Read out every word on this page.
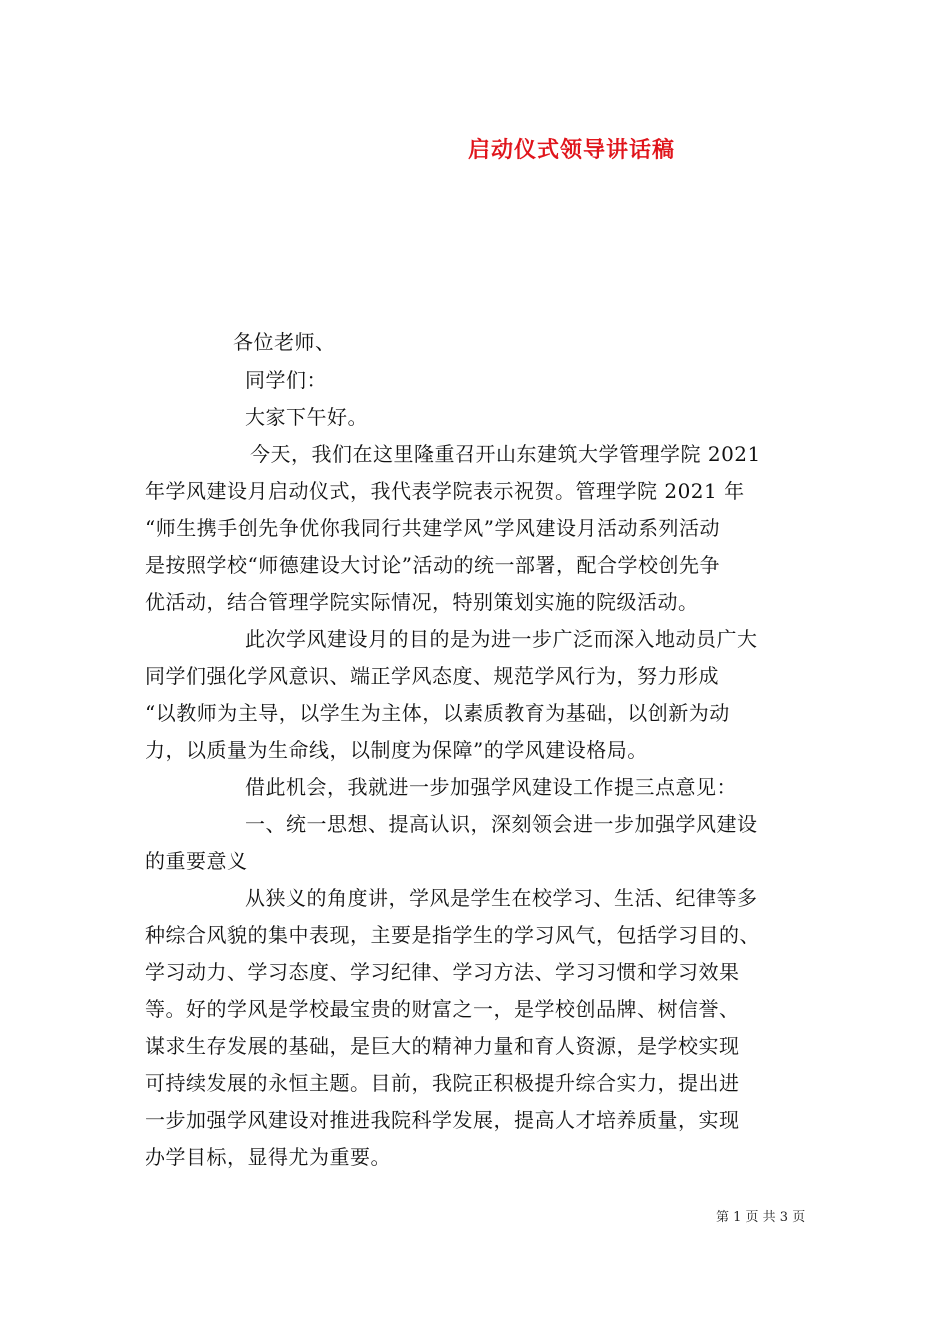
启动仪式领导讲话稿
各位老师、
同学们：
大家下午好。
今天，我们在这里隆重召开山东建筑大学管理学院 2021
年学风建设月启动仪式，我代表学院表示祝贺。管理学院 2021 年
“师生携手创先争优你我同行共建学风”学风建设月活动系列活动
是按照学校“师德建设大讨论”活动的统一部署，配合学校创先争
优活动，结合管理学院实际情况，特别策划实施的院级活动。
此次学风建设月的目的是为进一步广泛而深入地动员广大
同学们强化学风意识、端正学风态度、规范学风行为，努力形成
“以教师为主导，以学生为主体，以素质教育为基础，以创新为动
力，以质量为生命线，以制度为保障”的学风建设格局。
借此机会，我就进一步加强学风建设工作提三点意见：
一、统一思想、提高认识，深刻领会进一步加强学风建设
的重要意义
从狭义的角度讲，学风是学生在校学习、生活、纪律等多
种综合风貌的集中表现，主要是指学生的学习风气，包括学习目的、
学习动力、学习态度、学习纪律、学习方法、学习习惯和学习效果
等。好的学风是学校最宝贵的财富之一，是学校创品牌、树信誉、
谋求生存发展的基础，是巨大的精神力量和育人资源，是学校实现
可持续发展的永恒主题。目前，我院正积极提升综合实力，提出进
一步加强学风建设对推进我院科学发展，提高人才培养质量，实现
办学目标，显得尤为重要。
第 1 页 共 3 页
